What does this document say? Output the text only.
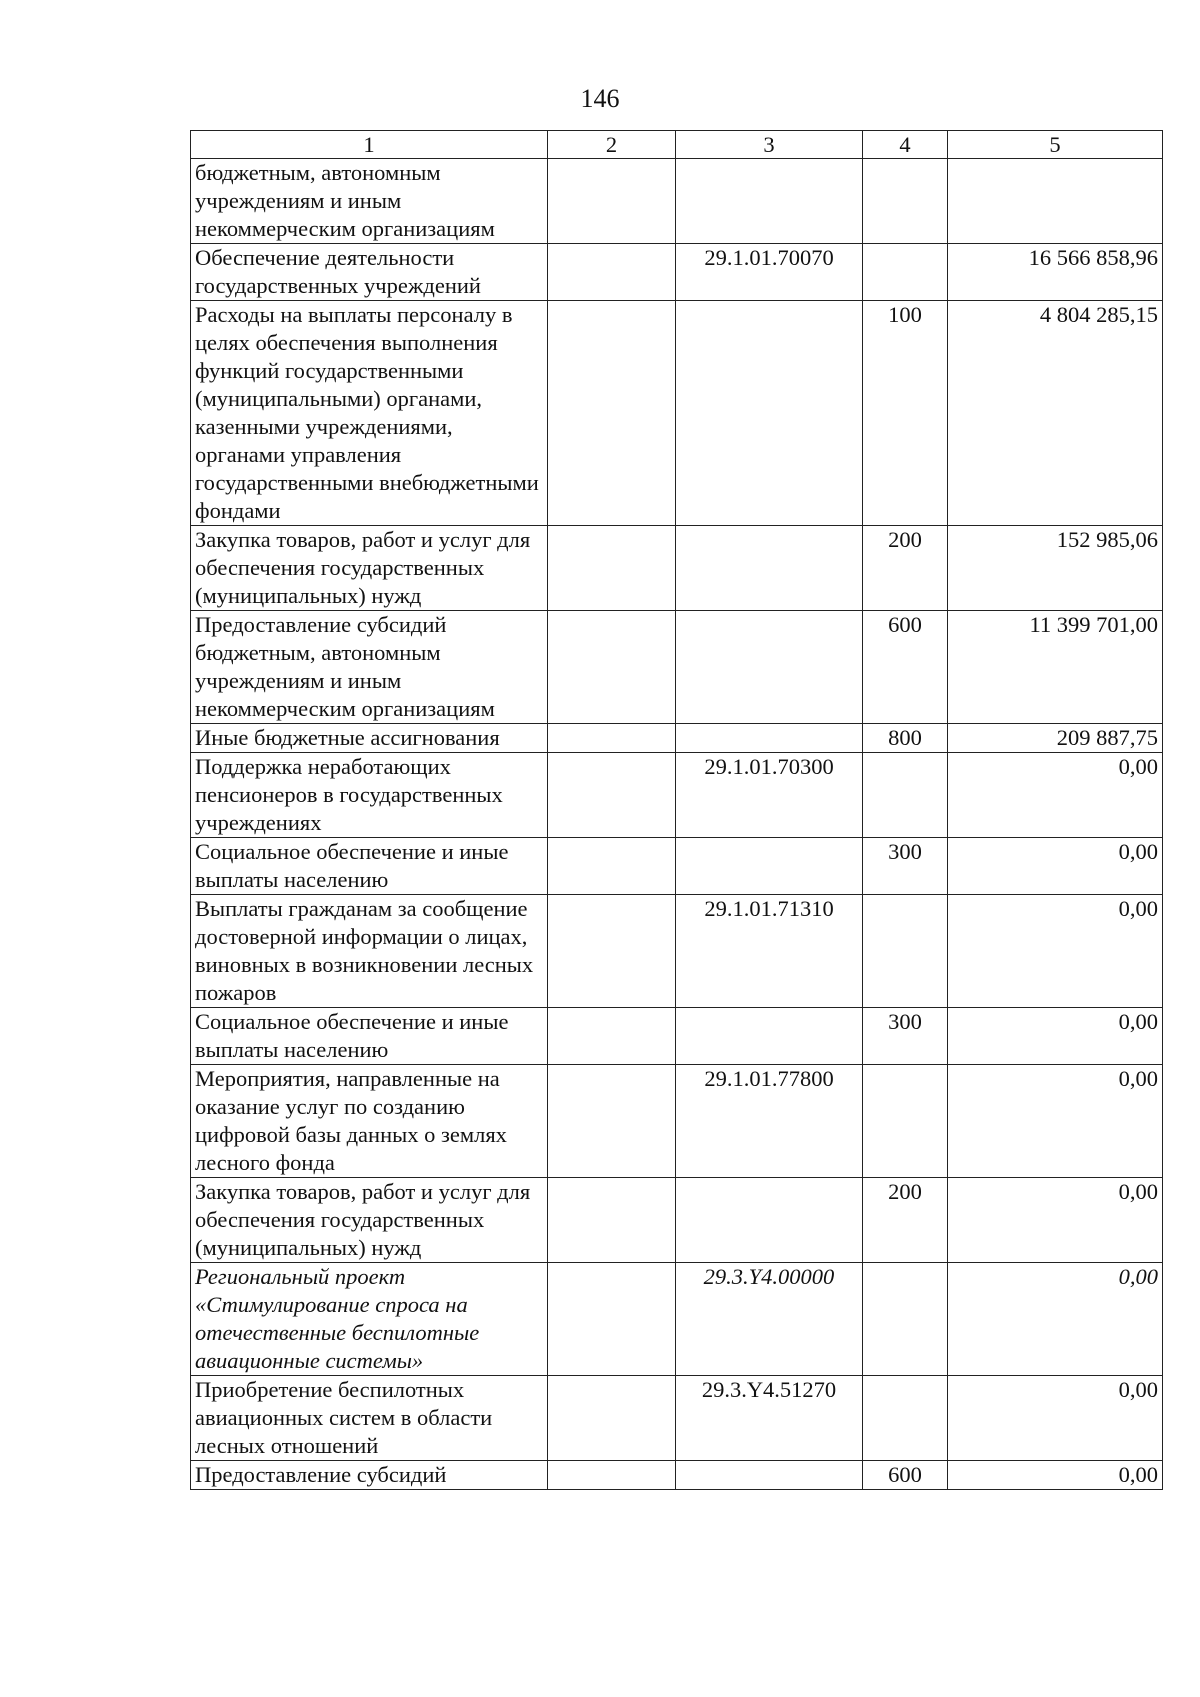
146
1	2	3	4	5
бюджетным, автономным учреждениям и иным некоммерческим организациям				
Обеспечение деятельности государственных учреждений		29.1.01.70070		16 566 858,96
Расходы на выплаты персоналу в целях обеспечения выполнения функций государственными (муниципальными) органами, казенными учреждениями, органами управления государственными внебюджетными фондами			100	4 804 285,15
Закупка товаров, работ и услуг для обеспечения государственных (муниципальных) нужд			200	152 985,06
Предоставление субсидий бюджетным, автономным учреждениям и иным некоммерческим организациям			600	11 399 701,00
Иные бюджетные ассигнования			800	209 887,75
Поддержка неработающих пенсионеров в государственных учреждениях		29.1.01.70300		0,00
Социальное обеспечение и иные выплаты населению			300	0,00
Выплаты гражданам за сообщение достоверной информации о лицах, виновных в возникновении лесных пожаров		29.1.01.71310		0,00
Социальное обеспечение и иные выплаты населению			300	0,00
Мероприятия, направленные на оказание услуг по созданию цифровой базы данных о землях лесного фонда		29.1.01.77800		0,00
Закупка товаров, работ и услуг для обеспечения государственных (муниципальных) нужд			200	0,00
Региональный проект «Стимулирование спроса на отечественные беспилотные авиационные системы»		29.3.Y4.00000		0,00
Приобретение беспилотных авиационных систем в области лесных отношений		29.3.Y4.51270		0,00
Предоставление субсидий			600	0,00
